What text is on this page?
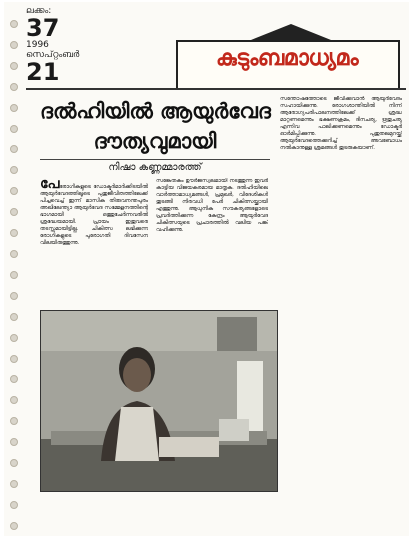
ലക്കം:
37
1996
സെപ്റ്റംബർ
21	കുടുംബമാധ്യമം
ദൽഹിയിൽ ആയുർവേദ
ദൗത്യവുമായി
നിഷാ കണ്ണമ്മാരത്ത്

പേരോഗികളുടെ ഡോക്ടർമാർക്കിടയിൽ ആയുർവേദത്തിലൂടെ പുതുജീവിതത്തിലേക്ക് പിച്ചവെച്ച് ഇന്ന് മാസിക തിരുവനന്തപുരം അഖിലേന്ത്യാ ആയുർവേദ സമ്മേളനത്തിന്റെ ഭാഗമായി ഒത്തുചേർന്നവരിൽ ശ്രദ്ധേയമായി. പ്രായം ഇതുവരെ തടസ്സമായിട്ടില്ല. ചികിത്സ ലഭിക്കുന്ന രോഗികളുടെ പുരോഗതി ദിവസേന വിലയിരുത്തുന്നു.

സങ്കേതകം ഊർജസ്വലമായി നടത്തുന്ന ഇവർ കാട്ടിയ വിജയകരമായ മാതൃക. ദൽഹിയിലെ വാർത്താമാധ്യമങ്ങൾ, പ്രമുഖർ, വിദേശികൾ തുടങ്ങി നിരവധി പേർ ചികിത്സയ്ക്കായി എത്തുന്നു. ആധുനിക സൗകര്യങ്ങളോടെ പ്രവർത്തിക്കുന്ന കേന്ദ്രം ആയുർവേദ ചികിത്സയുടെ പ്രചാരത്തിൽ വലിയ പങ്ക് വഹിക്കുന്നു.

സന്തോഷത്തോടെ ജീവിക്കുവാൻ ആയുർവേദം സഹായിക്കുന്നു. രോഗശാന്തിയിൽ നിന്ന് ആരോഗ്യപരിപാലനത്തിലേക്ക് ശ്രദ്ധ മാറ്റണമെന്നും ഭക്ഷണക്രമം, ദിനചര്യ, ഋതുചര്യ എന്നിവ പാലിക്കണമെന്നും ഡോക്ടർ ഓർമിപ്പിക്കുന്നു. പുതുതലമുറയ്ക്ക് ആയുർവേദത്തെക്കുറിച്ച് അവബോധം നൽകാനുള്ള ശ്രമങ്ങൾ തുടരുകയാണ്.
